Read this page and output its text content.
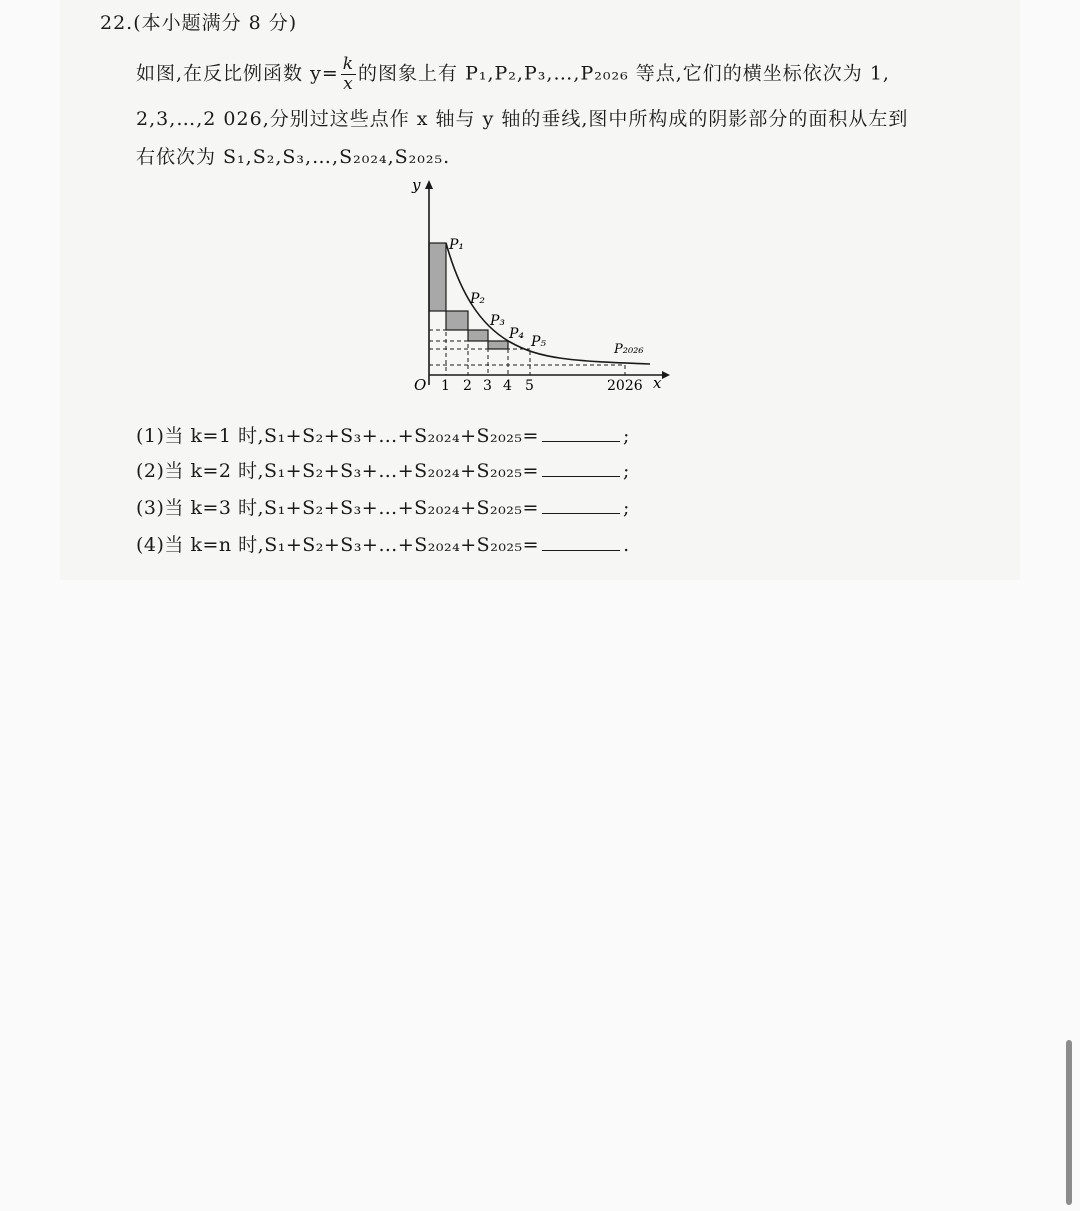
22.(本小题满分 8 分)
如图,在反比例函数 $y= \frac{k}{x}$ 的图象上有 P₁,P₂,P₃,…,P₂₀₂₆ 等点,它们的横坐标依次为 1,
2,3,…,2 026,分别过这些点作 x 轴与 y 轴的垂线,图中所构成的阴影部分的面积从左到
右依次为 S₁,S₂,S₃,…,S₂₀₂₄,S₂₀₂₅.
y
x
O 1 2 3 4 5	2026
P₁
P₂
P₃
P₄ P₅	P₂₀₂₆
(1)当 k=1 时,S₁+S₂+S₃+…+S₂₀₂₄+S₂₀₂₅=	;
(2)当 k=2 时,S₁+S₂+S₃+…+S₂₀₂₄+S₂₀₂₅=	;
(3)当 k=3 时,S₁+S₂+S₃+…+S₂₀₂₄+S₂₀₂₅=	;
(4)当 k=n 时,S₁+S₂+S₃+…+S₂₀₂₄+S₂₀₂₅=	.
